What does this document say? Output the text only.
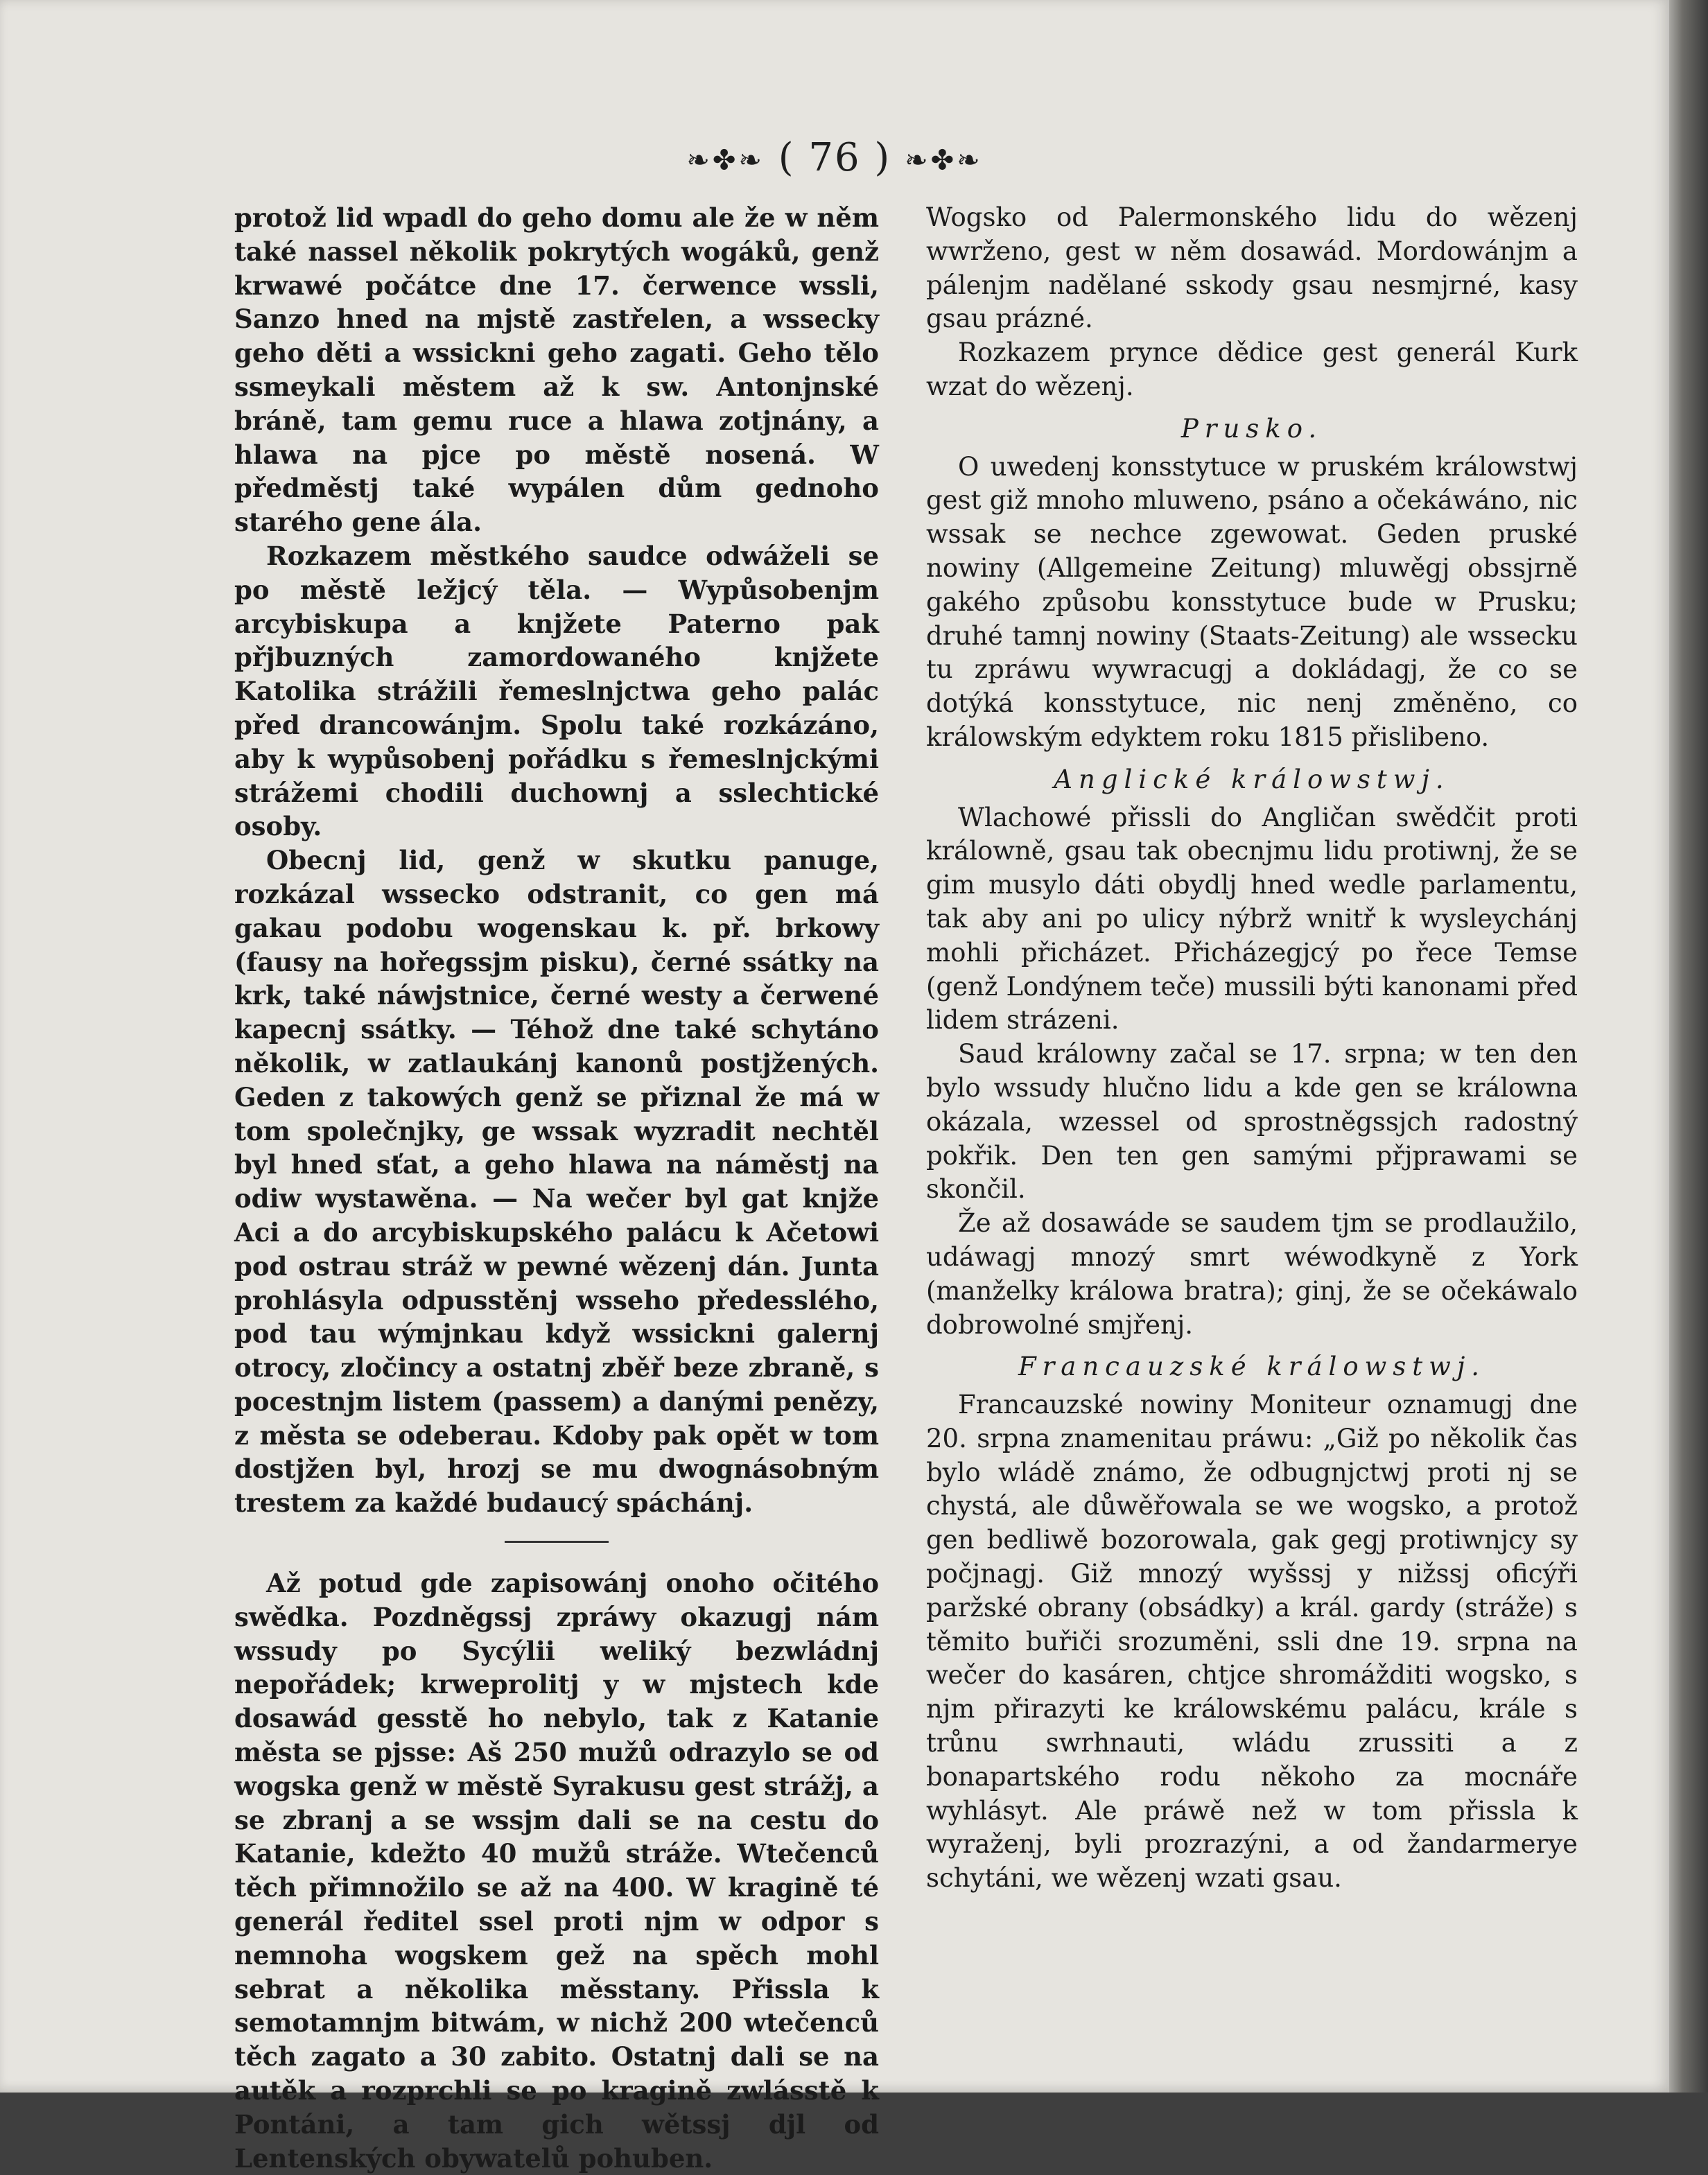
❧✤❧ ( 76 ) ❧✤❧

protož lid wpadl do geho domu ale že w něm také nassel několik pokrytých wogáků, genž krwawé počátce dne 17. čerwence wssli, Sanzo hned na mjstě zastřelen, a wssecky geho děti a wssickni geho zagati. Geho tělo ssmeykali městem až k sw. Antonjnské bráně, tam gemu ruce a hlawa zotjnány, a hlawa na pjce po městě nosená. W předměstj také wypálen dům gednoho starého gene ála.

Rozkazem městkého saudce odwáželi se po městě ležjcý těla. — Wypůsobenjm arcybiskupa a knjžete Paterno pak přjbuzných zamordowaného knjžete Katolika strážili řemeslnjctwa geho palác před drancowánjm. Spolu také rozkázáno, aby k wypůsobenj pořádku s řemeslnjckými strážemi chodili duchownj a sslechtické osoby.

Obecnj lid, genž w skutku panuge, rozkázal wssecko odstranit, co gen má gakau podobu wogenskau k. př. brkowy (fausy na hořegssjm pisku), černé ssátky na krk, také náwjstnice, černé westy a čerwené kapecnj ssátky. — Téhož dne také schytáno několik, w zatlaukánj kanonů postjžených. Geden z takowých genž se přiznal že má w tom společnjky, ge wssak wyzradit nechtěl byl hned sťat, a geho hlawa na náměstj na odiw wystawěna. — Na wečer byl gat knjže Aci a do arcybiskupského palácu k Ačetowi pod ostrau stráž w pewné wězenj dán. Junta prohlásyla odpusstěnj wsseho předesslého, pod tau wýmjnkau když wssickni galernj otrocy, zločincy a ostatnj zběř beze zbraně, s pocestnjm listem (passem) a danými penězy, z města se odeberau. Kdoby pak opět w tom dostjžen byl, hrozj se mu dwognásobným trestem za každé budaucý spáchánj.

Až potud gde zapisowánj onoho očitého swědka. Pozdněgssj zpráwy okazugj nám wssudy po Sycýlii weliký bezwládnj nepořádek; krweprolitj y w mjstech kde dosawád gesstě ho nebylo, tak z Katanie města se pjsse: Aš 250 mužů odrazylo se od wogska genž w městě Syrakusu gest strážj, a se zbranj a se wssjm dali se na cestu do Katanie, kdežto 40 mužů stráže. Wtečenců těch přimnožilo se až na 400. W kragině té generál ředitel ssel proti njm w odpor s nemnoha wogskem gež na spěch mohl sebrat a několika měsstany. Přissla k semotamnjm bitwám, w nichž 200 wtečenců těch zagato a 30 zabito. Ostatnj dali se na autěk a rozprchli se po kragině zwlásstě k Pontáni, a tam gich wětssj djl od Lentenských obywatelů pohuben.

Wogsko od Palermonského lidu do wězenj wwrženo, gest w něm dosawád. Mordowánjm a pálenjm nadělané sskody gsau nesmjrné, kasy gsau prázné.

Rozkazem prynce dědice gest generál Kurk wzat do wězenj.

Prusko.

O uwedenj konsstytuce w pruském králowstwj gest giž mnoho mluweno, psáno a očekáwáno, nic wssak se nechce zgewowat. Geden pruské nowiny (Allgemeine Zeitung) mluwěgj obssjrně gakého způsobu konsstytuce bude w Prusku; druhé tamnj nowiny (Staats-Zeitung) ale wssecku tu zpráwu wywracugj a dokládagj, že co se dotýká konsstytuce, nic nenj změněno, co králowským edyktem roku 1815 přislibeno.

Anglické králowstwj.

Wlachowé přissli do Angličan swědčit proti králowně, gsau tak obecnjmu lidu protiwnj, že se gim musylo dáti obydlj hned wedle parlamentu, tak aby ani po ulicy nýbrž wnitř k wysleychánj mohli přicházet. Přicházegjcý po řece Temse (genž Londýnem teče) mussili býti kanonami před lidem strázeni.

Saud králowny začal se 17. srpna; w ten den bylo wssudy hlučno lidu a kde gen se králowna okázala, wzessel od sprostněgssjch radostný pokřik. Den ten gen samými přjprawami se skončil.

Že až dosawáde se saudem tjm se prodlaužilo, udáwagj mnozý smrt wéwodkyně z York (manželky králowa bratra); ginj, že se očekáwalo dobrowolné smjřenj.

Francauzské králowstwj.

Francauzské nowiny Moniteur oznamugj dne 20. srpna znamenitau práwu: „Giž po několik čas bylo wládě známo, že odbugnjctwj proti nj se chystá, ale důwěřowala se we wogsko, a protož gen bedliwě bozorowala, gak gegj protiwnjcy sy počjnagj. Giž mnozý wyšssj y nižssj oficýři paržské obrany (obsádky) a král. gardy (stráže) s těmito buřiči srozuměni, ssli dne 19. srpna na wečer do kasáren, chtjce shromážditi wogsko, s njm přirazyti ke králowskému palácu, krále s trůnu swrhnauti, wládu zrussiti a z bonapartského rodu někoho za mocnáře wyhlásyt. Ale práwě než w tom přissla k wyraženj, byli prozrazýni, a od žandarmerye schytáni, we wězenj wzati gsau.
